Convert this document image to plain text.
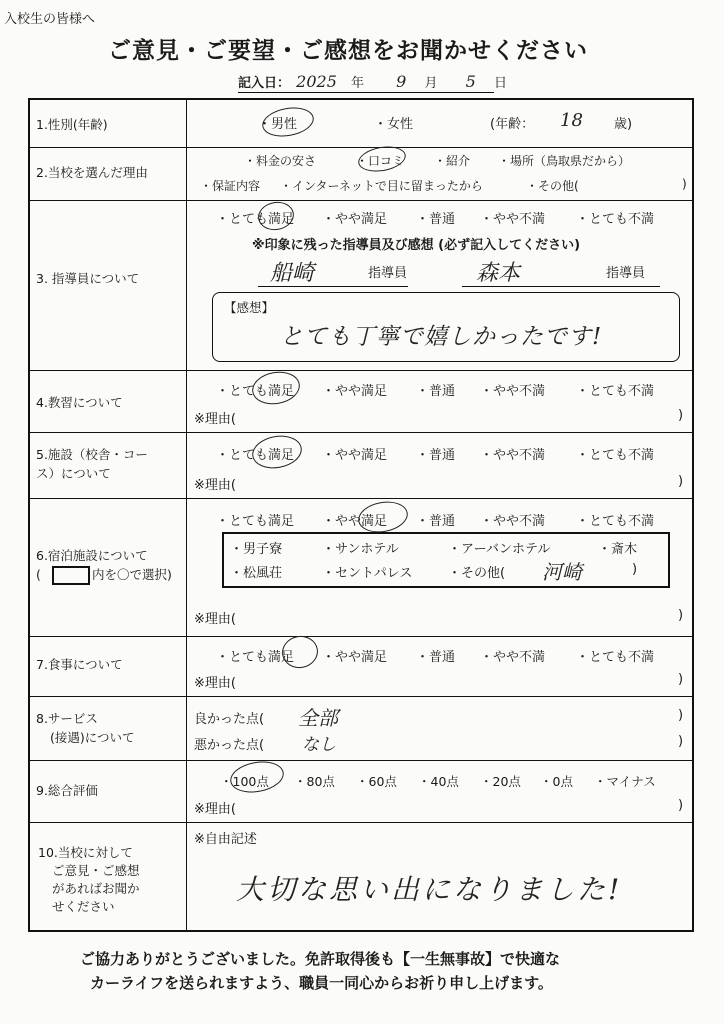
入校生の皆様へ
ご意見・ご要望・ご感想をお聞かせください
記入日： 2025 年 9 月 5 日
1.性別(年齢)	・男性	・女性	(年齢： 18 歳)
2.当校を選んだ理由
・料金の安さ	・口コミ ・紹介 ・場所（鳥取県だから）
・保証内容 ・インターネットで目に留まったから	・その他(	)
3. 指導員について
・とても満足 ・やや満足 ・普通 ・やや不満 ・とても不満
※印象に残った指導員及び感想 (必ず記入してください)
船崎	指導員	森本	指導員
【感想】
とても丁寧で嬉しかったです!
4.教習について
・とても満足 ・やや満足 ・普通 ・やや不満 ・とても不満
※理由(	)
5.施設（校舎・コー
ス）について
・とても満足 ・やや満足 ・普通 ・やや不満 ・とても不満
※理由(	)
6.宿泊施設について
(	内を〇で選択)
・とても満足 ・やや満足 ・普通 ・やや不満 ・とても不満
・男子寮	・サンホテル	・アーバンホテル	・斎木
・松風荘	・セントパレス	・その他( 河崎	)
※理由(	)
7.食事について	・とても満足 ・やや満足 ・普通 ・やや不満 ・とても不満
※理由(	)
8.サービス
(接遇)について
良かった点( 全部	)
悪かった点( なし	)
9.総合評価
・100点 ・80点 ・60点 ・40点 ・20点 ・0点 ・マイナス
※理由(	)
10.当校に対して
ご意見・ご感想
があればお聞か
せください
※自由記述
大切な思い出になりました!
ご協力ありがとうございました。免許取得後も【一生無事故】で快適な
カーライフを送られますよう、職員一同心からお祈り申し上げます。
